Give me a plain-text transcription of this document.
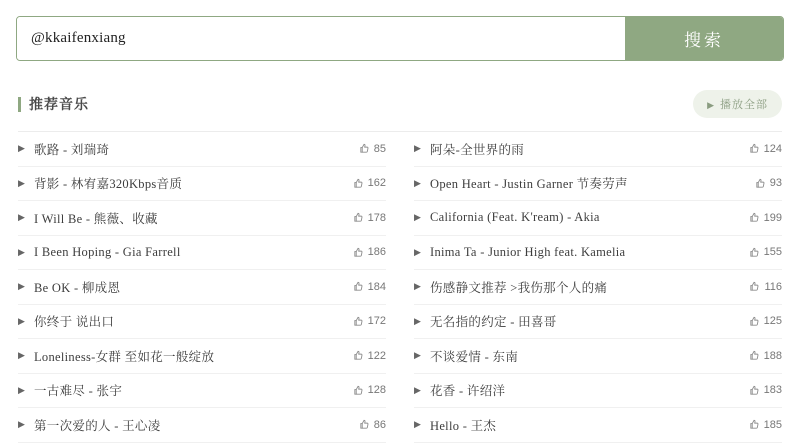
@kkaifenxiang
搜索
推荐音乐	▶ 播放全部
▶ 歌路 - 刘瑞琦	85
▶ 背影 - 林宥嘉320Kbps音质	162
▶ I Will Be - 熊薇、收藏	178
▶ I Been Hoping - Gia Farrell	186
▶ Be OK - 柳成恩	184
▶ 你终于 说出口	172
▶ Loneliness-女群 至如花一般绽放	122
▶ 一古难尽 - 张宇	128
▶ 第一次爱的人 - 王心凌	86
▶ 阿朵-全世界的雨	124
▶ Open Heart - Justin Garner 节奏劳声	93
▶ California (Feat. K'ream) - Akia	199
▶ Inima Ta - Junior High feat. Kamelia	155
▶ 伤感静文推荐 >我伤那个人的痛	116
▶ 无名指的约定 - 田喜哥	125
▶ 不谈爱情 - 东南	188
▶ 花香 - 许绍洋	183
▶ Hello - 王杰	185
